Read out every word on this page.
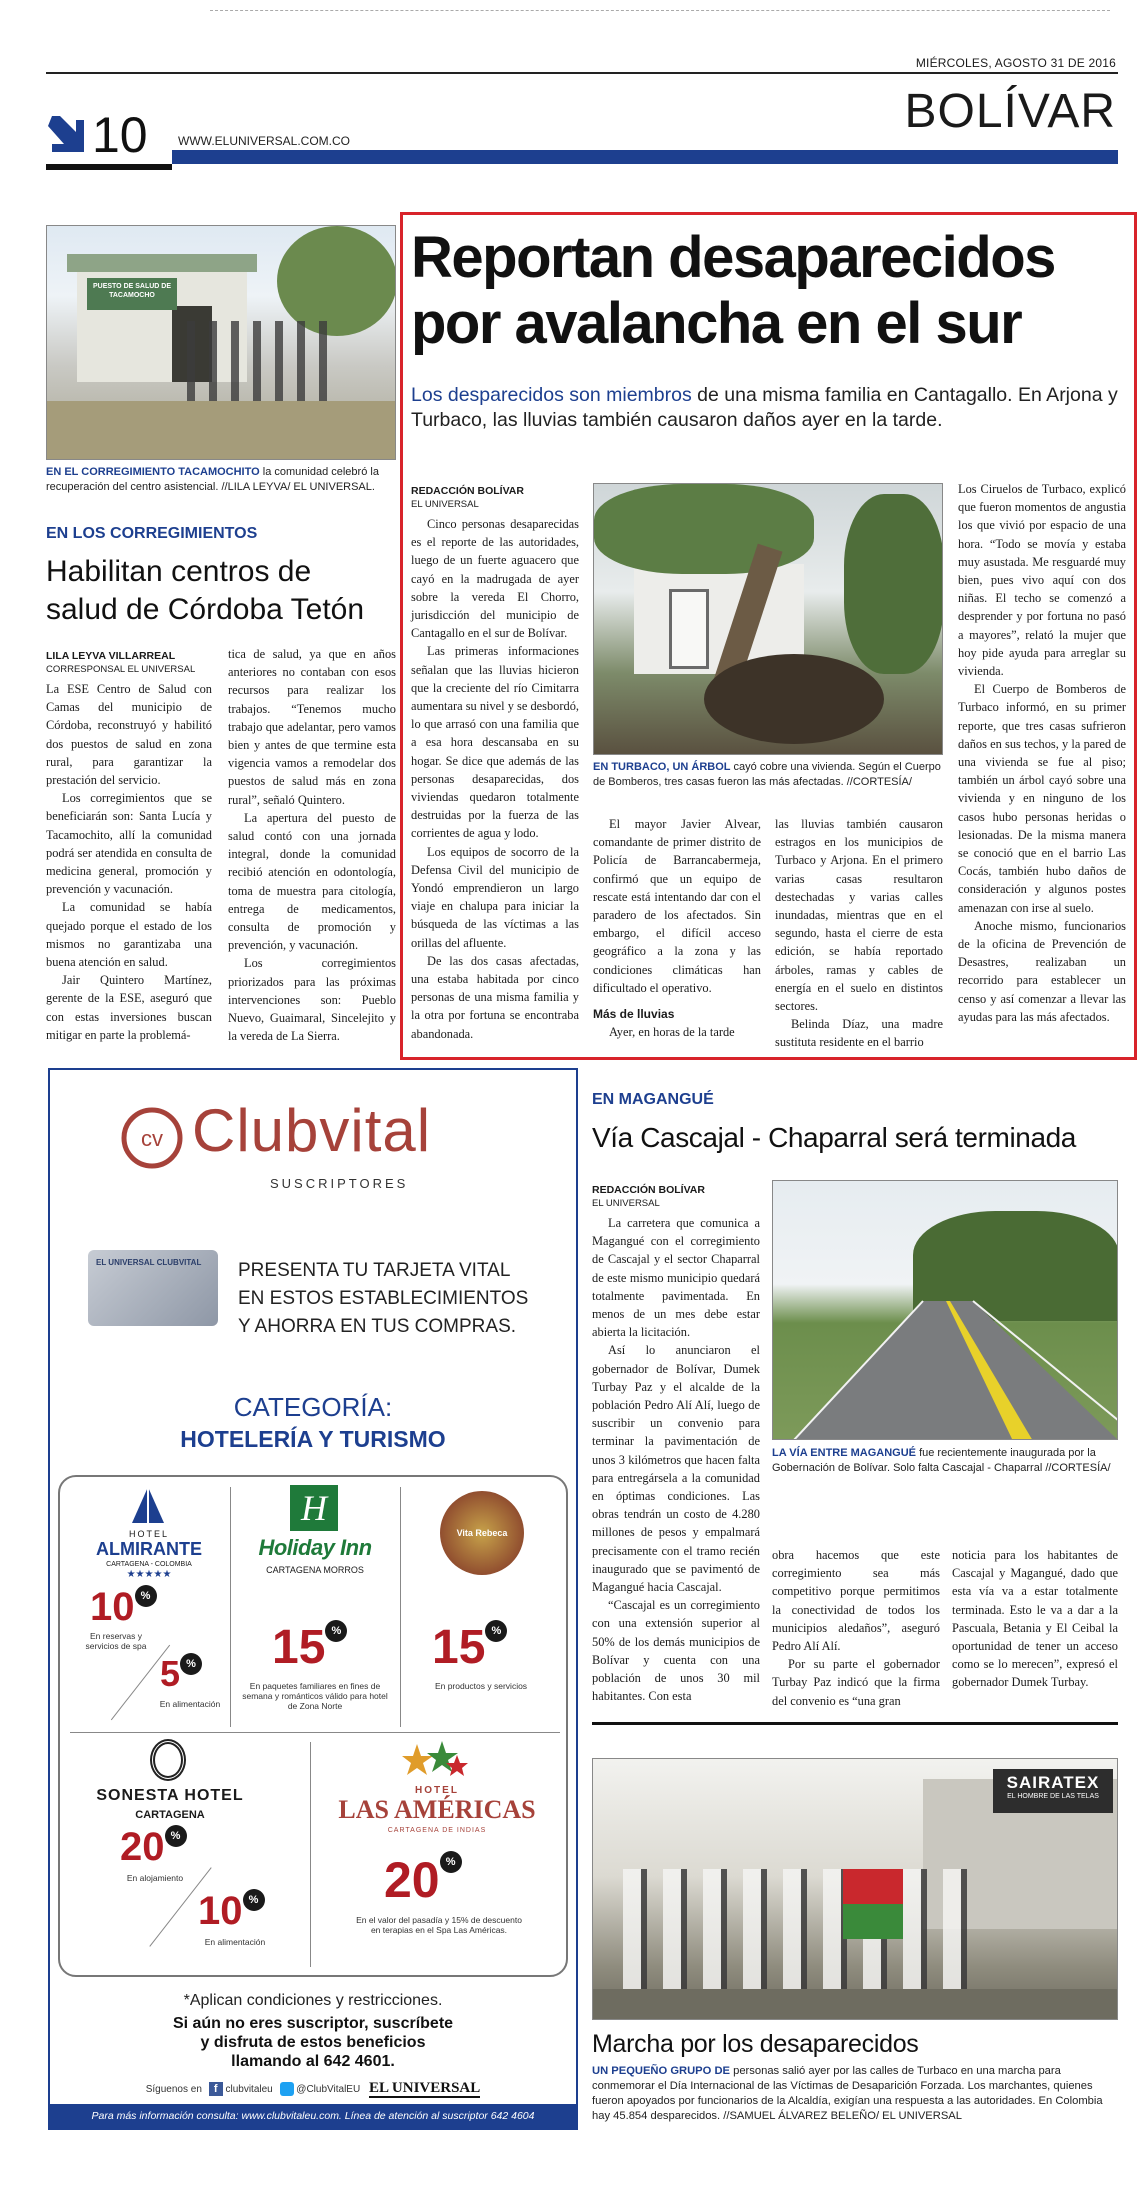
MIÉRCOLES, AGOSTO 31 DE 2016
BOLÍVAR
10	WWW.ELUNIVERSAL.COM.CO
PUESTO DE SALUD DE TACAMOCHO
EN EL CORREGIMIENTO TACAMOCHITO la comunidad celebró la recuperación del centro asistencial. //LILA LEYVA/ EL UNIVERSAL.
EN LOS CORREGIMIENTOS
Habilitan centros de salud de Córdoba Tetón
LILA LEYVA VILLARREAL
CORRESPONSAL EL UNIVERSAL

La ESE Centro de Salud con Camas del municipio de Córdoba, reconstruyó y habilitó dos puestos de salud en zona rural, para garantizar la prestación del servicio.

Los corregimientos que se beneficiarán son: Santa Lucía y Tacamochito, allí la comunidad podrá ser atendida en consulta de medicina general, promoción y prevención y vacunación.

La comunidad se había quejado porque el estado de los mismos no garantizaba una buena atención en salud.

Jair Quintero Martínez, gerente de la ESE, aseguró que con estas inversiones buscan mitigar en parte la problemá-

tica de salud, ya que en años anteriores no contaban con esos recursos para realizar los trabajos. “Tenemos mucho trabajo que adelantar, pero vamos bien y antes de que termine esta vigencia vamos a remodelar dos puestos de salud más en zona rural”, señaló Quintero.

La apertura del puesto de salud contó con una jornada integral, donde la comunidad recibió atención en odontología, toma de muestra para citología, entrega de medicamentos, consulta de promoción y prevención, y vacunación.

Los corregimientos priorizados para las próximas intervenciones son: Pueblo Nuevo, Guaimaral, Sincelejito y la vereda de La Sierra.

Reportan desaparecidos por avalancha en el sur
Los desparecidos son miembros de una misma familia en Cantagallo. En Arjona y Turbaco, las lluvias también causaron daños ayer en la tarde.
REDACCIÓN BOLÍVAR
EL UNIVERSAL

Cinco personas desaparecidas es el reporte de las autoridades, luego de un fuerte aguacero que cayó en la madrugada de ayer sobre la vereda El Chorro, jurisdicción del municipio de Cantagallo en el sur de Bolívar.

Las primeras informaciones señalan que las lluvias hicieron que la creciente del río Cimitarra aumentara su nivel y se desbordó, lo que arrasó con una familia que a esa hora descansaba en su hogar. Se dice que además de las personas desaparecidas, dos viviendas quedaron totalmente destruidas por la fuerza de las corrientes de agua y lodo.

Los equipos de socorro de la Defensa Civil del municipio de Yondó emprendieron un largo viaje en chalupa para iniciar la búsqueda de las víctimas a las orillas del afluente.

De las dos casas afectadas, una estaba habitada por cinco personas de una misma familia y la otra por fortuna se encontraba abandonada.

EN TURBACO, UN ÁRBOL cayó cobre una vivienda. Según el Cuerpo de Bomberos, tres casas fueron las más afectadas. //CORTESÍA/

El mayor Javier Alvear, comandante de primer distrito de Policía de Barrancabermeja, confirmó que un equipo de rescate está intentando dar con el paradero de los afectados. Sin embargo, el difícil acceso geográfico a la zona y las condiciones climáticas han dificultado el operativo.

Más de lluvias

Ayer, en horas de la tarde

las lluvias también causaron estragos en los municipios de Turbaco y Arjona. En el primero varias casas resultaron destechadas y varias calles inundadas, mientras que en el segundo, hasta el cierre de esta edición, se había reportado árboles, ramas y cables de energía en el suelo en distintos sectores.

Belinda Díaz, una madre sustituta residente en el barrio

Los Ciruelos de Turbaco, explicó que fueron momentos de angustia los que vivió por espacio de una hora. “Todo se movía y estaba muy asustada. Me resguardé muy bien, pues vivo aquí con dos niñas. El techo se comenzó a desprender y por fortuna no pasó a mayores”, relató la mujer que hoy pide ayuda para arreglar su vivienda.

El Cuerpo de Bomberos de Turbaco informó, en su primer reporte, que tres casas sufrieron daños en sus techos, y la pared de una vivienda se fue al piso; también un árbol cayó sobre una vivienda y en ninguno de los casos hubo personas heridas o lesionadas. De la misma manera se conoció que en el barrio Las Cocás, también hubo daños de consideración y algunos postes amenazan con irse al suelo.

Anoche mismo, funcionarios de la oficina de Prevención de Desastres, realizaban un recorrido para establecer un censo y así comenzar a llevar las ayudas para las más afectados.

cv Clubvital
SUSCRIPTORES
EL UNIVERSAL CLUBVITAL PRESENTA TU TARJETA VITAL
EN ESTOS ESTABLECIMIENTOS
Y AHORRA EN TUS COMPRAS.
CATEGORÍA:
HOTELERÍA Y TURISMO
HOTEL
ALMIRANTE
CARTAGENA - COLOMBIA
★★★★★
10 %
En reservas y servicios de spa
5 %
En alimentación
H
Holiday Inn
CARTAGENA MORROS
15 %
En paquetes familiares en fines de semana y románticos válido para hotel de Zona Norte
Vita Rebeca
15 %
En productos y servicios
SONESTA HOTEL
CARTAGENA
20 %
En alojamiento
10 %
En alimentación
HOTEL
LAS AMÉRICAS
CARTAGENA DE INDIAS
20 %
En el valor del pasadía y 15% de descuento en terapias en el Spa Las Américas.
*Aplican condiciones y restricciones.
Si aún no eres suscriptor, suscríbete
y disfruta de estos beneficios
llamando al 642 4601.
Síguenos en f clubvitaleu @ClubVitalEU EL UNIVERSAL
Para más información consulta: www.clubvitaleu.com. Línea de atención al suscriptor 642 4604
EN MAGANGUÉ
Vía Cascajal - Chaparral será terminada
REDACCIÓN BOLÍVAR
EL UNIVERSAL

La carretera que comunica a Magangué con el corregimiento de Cascajal y el sector Chaparral de este mismo municipio quedará totalmente pavimentada. En menos de un mes debe estar abierta la licitación.

Así lo anunciaron el gobernador de Bolívar, Dumek Turbay Paz y el alcalde de la población Pedro Alí Alí, luego de suscribir un convenio para terminar la pavimentación de unos 3 kilómetros que hacen falta para entregársela a la comunidad en óptimas condiciones. Las obras tendrán un costo de 4.280 millones de pesos y empalmará precisamente con el tramo recién inaugurado que se pavimentó de Magangué hacia Cascajal.

“Cascajal es un corregimiento con una extensión superior al 50% de los demás municipios de Bolívar y cuenta con una población de unos 30 mil habitantes. Con esta

LA VÍA ENTRE MAGANGUÉ fue recientemente inaugurada por la Gobernación de Bolívar. Solo falta Cascajal - Chaparral //CORTESÍA/

obra hacemos que este corregimiento sea más competitivo porque permitimos la conectividad de todos los municipios aledaños”, aseguró Pedro Alí Alí.

Por su parte el gobernador Turbay Paz indicó que la firma del convenio es “una gran

noticia para los habitantes de Cascajal y Magangué, dado que esta vía va a estar totalmente terminada. Esto le va a dar a la Pascuala, Betania y El Ceibal la oportunidad de tener un acceso como se lo merecen”, expresó el gobernador Dumek Turbay.

SAIRATEX
EL HOMBRE DE LAS TELAS
Marcha por los desaparecidos
UN PEQUEÑO GRUPO DE personas salió ayer por las calles de Turbaco en una marcha para conmemorar el Día Internacional de las Víctimas de Desaparición Forzada. Los marchantes, quienes fueron apoyados por funcionarios de la Alcaldía, exigían una respuesta a las autoridades. En Colombia hay 45.854 desparecidos. //SAMUEL ÁLVAREZ BELEÑO/ EL UNIVERSAL
